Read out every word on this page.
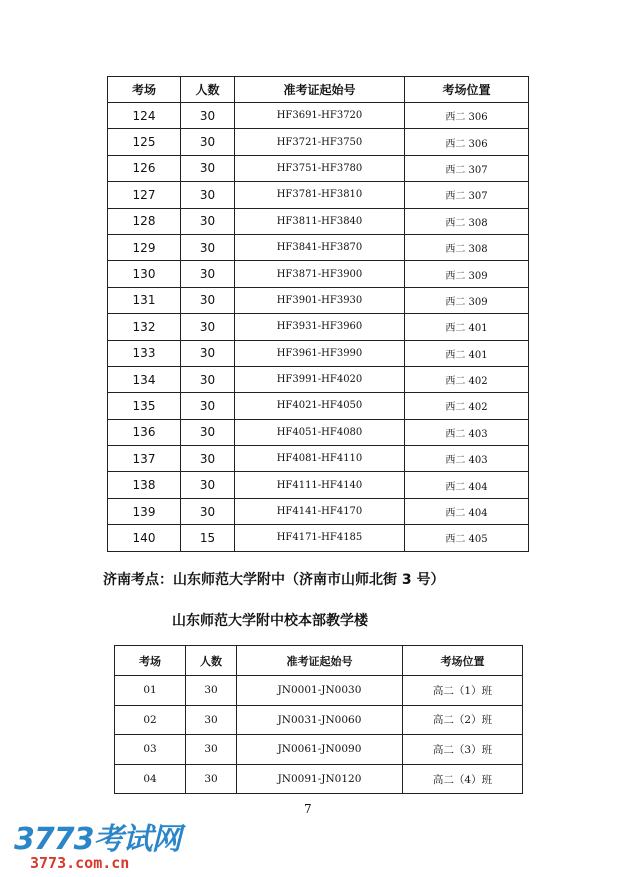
考场	人数	准考证起始号	考场位置
124	30	HF3691-HF3720	西二 306
125	30	HF3721-HF3750	西二 306
126	30	HF3751-HF3780	西二 307
127	30	HF3781-HF3810	西二 307
128	30	HF3811-HF3840	西二 308
129	30	HF3841-HF3870	西二 308
130	30	HF3871-HF3900	西二 309
131	30	HF3901-HF3930	西二 309
132	30	HF3931-HF3960	西二 401
133	30	HF3961-HF3990	西二 401
134	30	HF3991-HF4020	西二 402
135	30	HF4021-HF4050	西二 402
136	30	HF4051-HF4080	西二 403
137	30	HF4081-HF4110	西二 403
138	30	HF4111-HF4140	西二 404
139	30	HF4141-HF4170	西二 404
140	15	HF4171-HF4185	西二 405
济南考点：山东师范大学附中（济南市山师北街 3 号）
山东师范大学附中校本部教学楼
考场	人数	准考证起始号	考场位置
01	30	JN0001-JN0030	高二（1）班
02	30	JN0031-JN0060	高二（2）班
03	30	JN0061-JN0090	高二（3）班
04	30	JN0091-JN0120	高二（4）班
7
3773考试网
3773.com.cn
